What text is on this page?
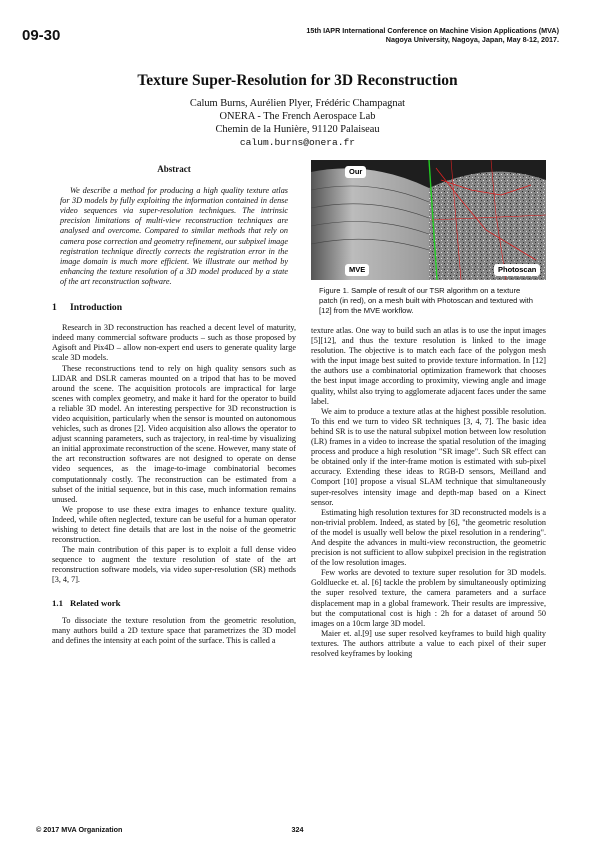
09-30	15th IAPR International Conference on Machine Vision Applications (MVA)
Nagoya University, Nagoya, Japan, May 8-12, 2017.
Texture Super-Resolution for 3D Reconstruction
Calum Burns, Aurélien Plyer, Frédéric Champagnat
ONERA - The French Aerospace Lab
Chemin de la Hunière, 91120 Palaiseau
calum.burns@onera.fr
Abstract

We describe a method for producing a high quality texture atlas for 3D models by fully exploiting the information contained in dense video sequences via super-resolution techniques. The intrinsic precision limitations of multi-view reconstruction techniques are analysed and overcome. Compared to similar methods that rely on camera pose correction and geometry refinement, our subpixel image registration technique directly corrects the registration error in the image domain is much more efficient. We illustrate our method by enhancing the texture resolution of a 3D model produced by a state of the art reconstruction software.

1 Introduction

Research in 3D reconstruction has reached a decent level of maturity, indeed many commercial software products – such as those proposed by Agisoft and Pix4D – allow non-expert end users to generate quality large scale 3D models.

These reconstructions tend to rely on high quality sensors such as LIDAR and DSLR cameras mounted on a tripod that has to be moved around the scene. The acquisition protocols are impractical for large scenes with complex geometry, and make it hard for the operator to build a reliable 3D model. An interesting perspective for 3D reconstruction is video acquisition, particularly when the sensor is mounted on autonomous vehicles, such as drones [2]. Video acquisition also allows the operator to adjust scanning parameters, such as trajectory, in real-time by visualizing an initial approximate reconstruction of the scene. However, many state of the art reconstruction softwares are not designed to operate on dense video sequences, as the image-to-image combinatorial becomes computationnaly costly. The reconstruction can be estimated from a subset of the initial sequence, but in this case, much information remains unused.

We propose to use these extra images to enhance texture quality. Indeed, while often neglected, texture can be useful for a human operator wishing to detect fine details that are lost in the noise of the geometric reconstruction.

The main contribution of this paper is to exploit a full dense video sequence to augment the texture resolution of state of the art reconstruction software models, via video super-resolution (SR) methods [3, 4, 7].

1.1 Related work

To dissociate the texture resolution from the geometric resolution, many authors build a 2D texture space that parametrizes the 3D model and defines the intensity at each point of the surface. This is called a

Our
MVE	Photoscan
Figure 1. Sample of result of our TSR algorithm on a texture patch (in red), on a mesh built with Photoscan and textured with [12] from the MVE workflow.

texture atlas. One way to build such an atlas is to use the input images [5][12], and thus the texture resolution is linked to the image resolution. The objective is to match each face of the polygon mesh with the input image best suited to provide texture information. In [12] the authors use a combinatorial optimization framework that chooses the best input image according to proximity, viewing angle and image quality, whilst also trying to agglomerate adjacent faces under the same label.

We aim to produce a texture atlas at the highest possible resolution. To this end we turn to video SR techniques [3, 4, 7]. The basic idea behind SR is to use the natural subpixel motion between low resolution (LR) frames in a video to increase the spatial resolution of the imaging process and produce a high resolution "SR image". Such SR effect can be obtained only if the inter-frame motion is estimated with sub-pixel accuracy. Extending these ideas to RGB-D sensors, Meilland and Comport [10] propose a visual SLAM technique that simultaneously super-resolves intensity image and depth-map based on a Kinect sensor.

Estimating high resolution textures for 3D reconstructed models is a non-trivial problem. Indeed, as stated by [6], "the geometric resolution of the model is usually well below the pixel resolution in a rendering". And despite the advances in multi-view reconstruction, the geometric precision is not sufficient to allow subpixel precision in the registration of the low resolution images.

Few works are devoted to texture super resolution for 3D models. Goldluecke et. al. [6] tackle the problem by simultaneously optimizing the super resolved texture, the camera parameters and a surface displacement map in a global framework. Their results are impressive, but the computational cost is high : 2h for a dataset of around 50 images on a 10cm large 3D model.

Maier et. al.[9] use super resolved keyframes to build high quality textures. The authors attribute a value to each pixel of their super resolved keyframes by looking

© 2017 MVA Organization	324
